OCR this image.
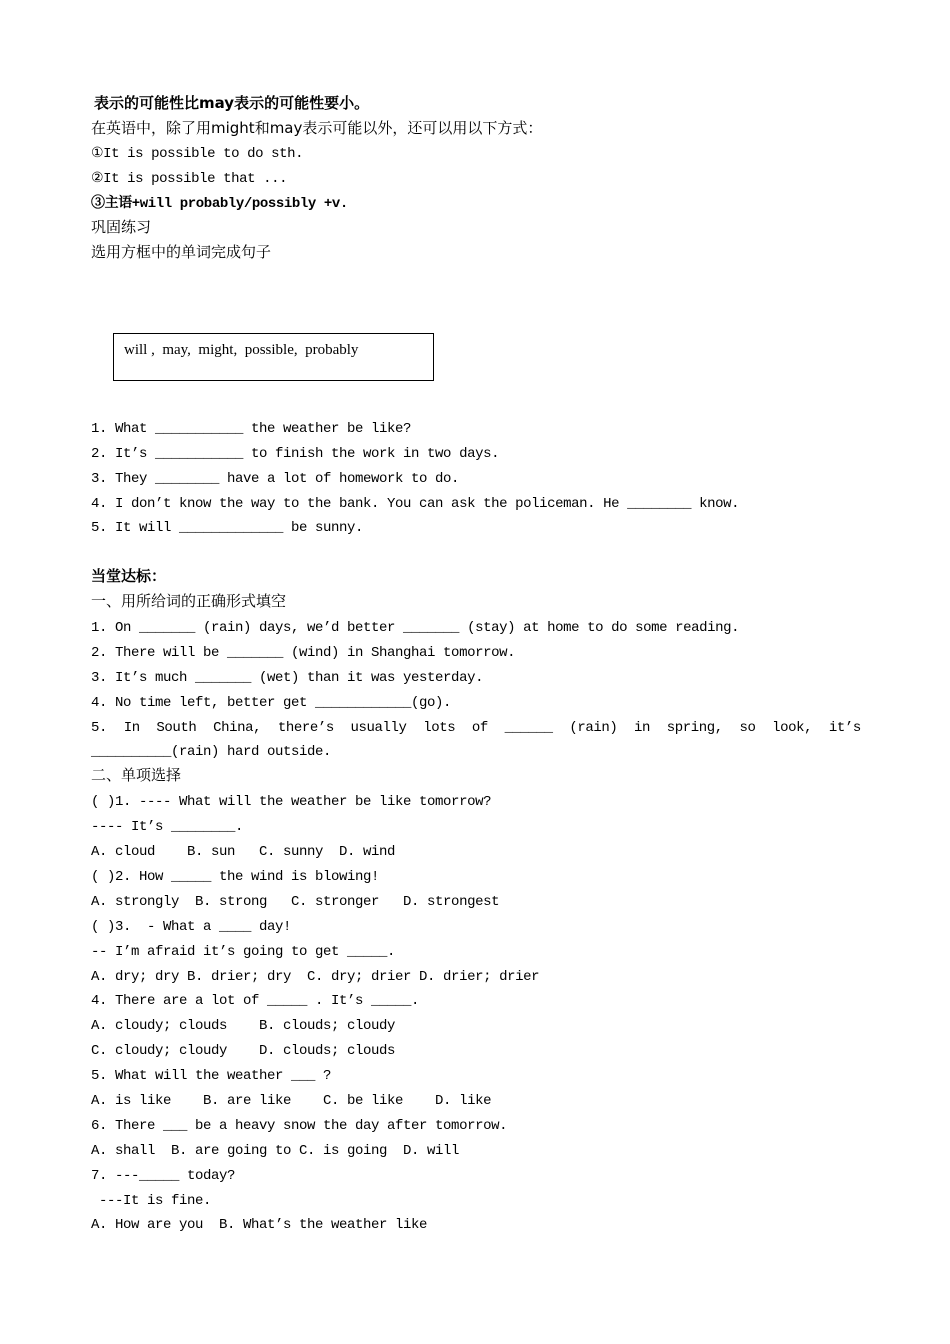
表示的可能性比may表示的可能性要小。
在英语中，除了用might和may表示可能以外，还可以用以下方式：
①It is possible to do sth.
②It is possible that ...
③主语+will probably/possibly +v.
巩固练习
选用方框中的单词完成句子
will ,  may,  might,  possible,  probably
1. What ___________ the weather be like?
2. It’s ___________ to finish the work in two days.
3. They ________ have a lot of homework to do.
4. I don’t know the way to the bank. You can ask the policeman. He ________ know.
5. It will _____________ be sunny.
当堂达标：
一、用所给词的正确形式填空
1. On _______ (rain) days, we’d better _______ (stay) at home to do some reading.
2. There will be _______ (wind) in Shanghai tomorrow.
3. It’s much _______ (wet) than it was yesterday.
4. No time left, better get ____________(go).
5. In South China, there’s usually lots of ______ (rain) in spring, so look, it’s
__________(rain) hard outside.
二、单项选择
( )1. ---- What will the weather be like tomorrow?
---- It’s ________.
A. cloud    B. sun   C. sunny  D. wind
( )2. How _____ the wind is blowing!
A. strongly  B. strong   C. stronger   D. strongest
( )3.  - What a ____ day!
-- I’m afraid it’s going to get _____.
A. dry; dry B. drier; dry  C. dry; drier D. drier; drier
4. There are a lot of _____ . It’s _____.
A. cloudy; clouds    B. clouds; cloudy
C. cloudy; cloudy    D. clouds; clouds
5. What will the weather ___ ?
A. is like    B. are like    C. be like    D. like
6. There ___ be a heavy snow the day after tomorrow.
A. shall  B. are going to C. is going  D. will
7. ---_____ today?
---It is fine.
A. How are you  B. What’s the weather like
